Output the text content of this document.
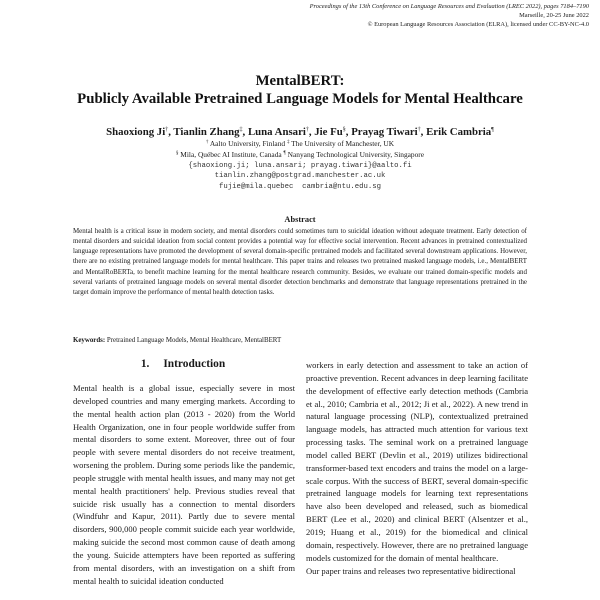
Proceedings of the 13th Conference on Language Resources and Evaluation (LREC 2022), pages 7184–7190
Marseille, 20-25 June 2022
© European Language Resources Association (ELRA), licensed under CC-BY-NC-4.0
MentalBERT:
Publicly Available Pretrained Language Models for Mental Healthcare
Shaoxiong Ji†, Tianlin Zhang‡, Luna Ansari†, Jie Fu§, Prayag Tiwari†, Erik Cambria¶
† Aalto University, Finland ‡ The University of Manchester, UK
§ Mila, Québec AI Institute, Canada ¶ Nanyang Technological University, Singapore
{shaoxiong.ji; luna.ansari; prayag.tiwari}@aalto.fi
tianlin.zhang@postgrad.manchester.ac.uk
fujie@mila.quebec  cambria@ntu.edu.sg
Abstract
Mental health is a critical issue in modern society, and mental disorders could sometimes turn to suicidal ideation without adequate treatment. Early detection of mental disorders and suicidal ideation from social content provides a potential way for effective social intervention. Recent advances in pretrained contextualized language representations have promoted the development of several domain-specific pretrained models and facilitated several downstream applications. However, there are no existing pretrained language models for mental healthcare. This paper trains and releases two pretrained masked language models, i.e., MentalBERT and MentalRoBERTa, to benefit machine learning for the mental healthcare research community. Besides, we evaluate our trained domain-specific models and several variants of pretrained language models on several mental disorder detection benchmarks and demonstrate that language representations pretrained in the target domain improve the performance of mental health detection tasks.
Keywords: Pretrained Language Models, Mental Healthcare, MentalBERT
1. Introduction

Mental health is a global issue, especially severe in most developed countries and many emerging markets. According to the mental health action plan (2013 - 2020) from the World Health Organization, one in four people worldwide suffer from mental disorders to some extent. Moreover, three out of four people with severe mental disorders do not receive treatment, worsening the problem. During some periods like the pandemic, people struggle with mental health issues, and many may not get mental health practitioners' help. Previous studies reveal that suicide risk usually has a connection to mental disorders (Windfuhr and Kapur, 2011). Partly due to severe mental disorders, 900,000 people commit suicide each year worldwide, making suicide the second most common cause of death among the young. Suicide attempters have been reported as suffering from mental disorders, with an investigation on a shift from mental health to suicidal ideation conducted

workers in early detection and assessment to take an action of proactive prevention. Recent advances in deep learning facilitate the development of effective early detection methods (Cambria et al., 2010; Cambria et al., 2012; Ji et al., 2022). A new trend in natural language processing (NLP), contextualized pretrained language models, has attracted much attention for various text processing tasks. The seminal work on a pretrained language model called BERT (Devlin et al., 2019) utilizes bidirectional transformer-based text encoders and trains the model on a large-scale corpus. With the success of BERT, several domain-specific pretrained language models for learning text representations have also been developed and released, such as biomedical BERT (Lee et al., 2020) and clinical BERT (Alsentzer et al., 2019; Huang et al., 2019) for the biomedical and clinical domain, respectively. However, there are no pretrained language models customized for the domain of mental healthcare.

Our paper trains and releases two representative bidirectional
